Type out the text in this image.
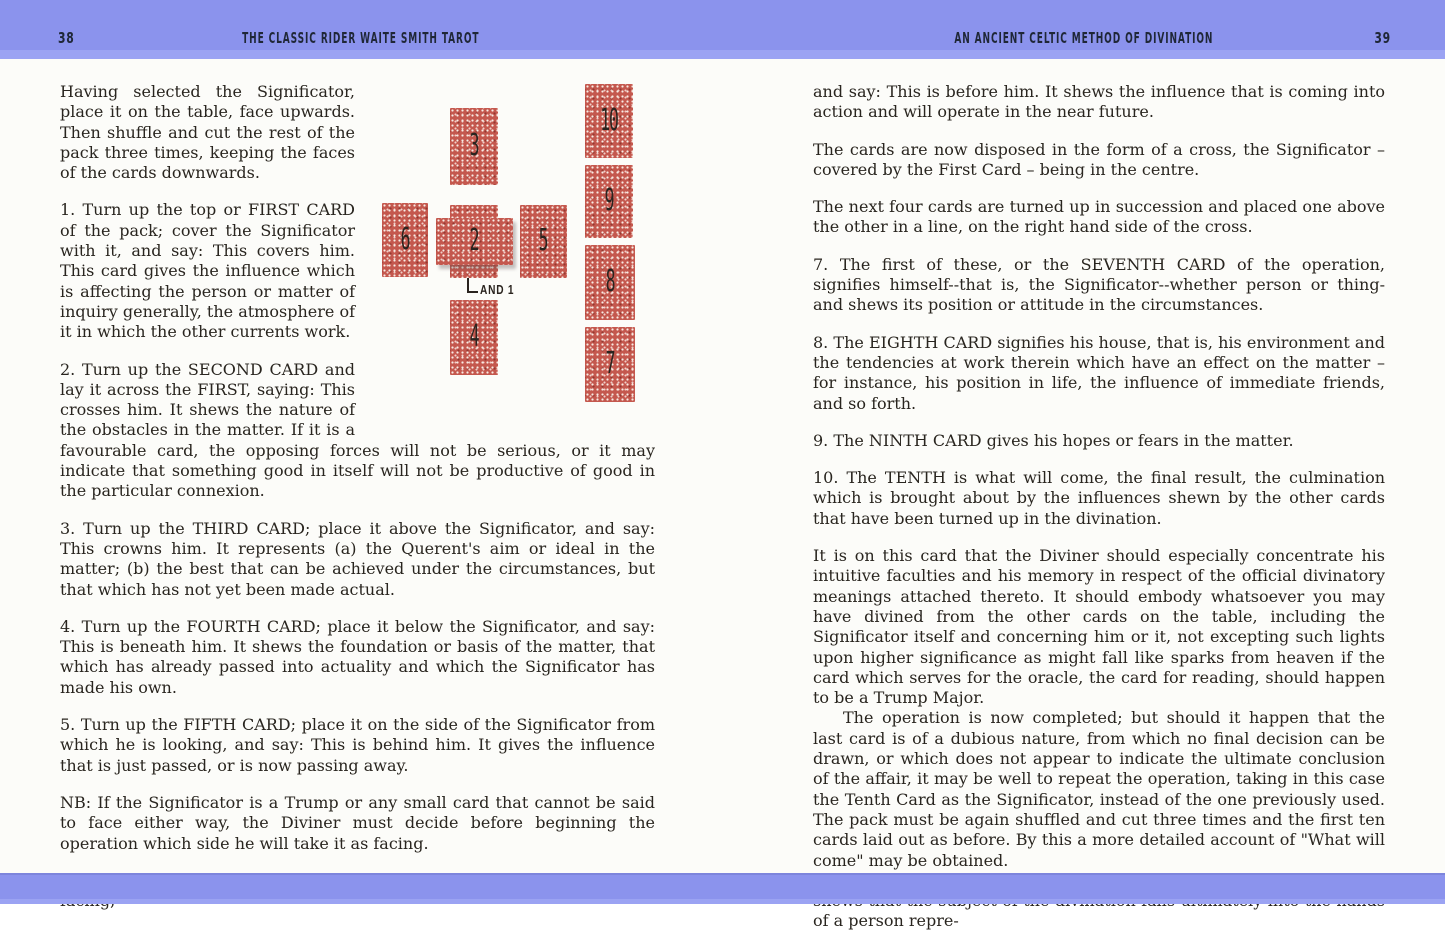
38	THE CLASSIC RIDER WAITE SMITH TAROT	AN ANCIENT CELTIC METHOD OF DIVINATION	39
3
10
6 2 5
9
8
7
4
AND 1

Having selected the Significator, place it on the table, face upwards. Then shuffle and cut the rest of the pack three times, keeping the faces of the cards downwards.

1. Turn up the top or FIRST CARD of the pack; cover the Significator with it, and say: This covers him. This card gives the influence which is affecting the person or matter of inquiry generally, the atmosphere of it in which the other currents work.

2. Turn up the SECOND CARD and lay it across the FIRST, saying: This crosses him. It shews the nature of the obstacles in the matter. If it is a favourable card, the opposing forces will not be serious, or it may indicate that something good in itself will not be productive of good in the particular connexion.

3. Turn up the THIRD CARD; place it above the Significator, and say: This crowns him. It represents (a) the Querent's aim or ideal in the matter; (b) the best that can be achieved under the circumstances, but that which has not yet been made actual.

4. Turn up the FOURTH CARD; place it below the Significator, and say: This is beneath him. It shews the foundation or basis of the matter, that which has already passed into actuality and which the Significator has made his own.

5. Turn up the FIFTH CARD; place it on the side of the Significator from which he is looking, and say: This is behind him. It gives the influence that is just passed, or is now passing away.

NB: If the Significator is a Trump or any small card that cannot be said to face either way, the Diviner must decide before beginning the operation which side he will take it as facing.

and say: This is before him. It shews the influence that is coming into action and will operate in the near future.

The cards are now disposed in the form of a cross, the Significator – covered by the First Card – being in the centre.

The next four cards are turned up in succession and placed one above the other in a line, on the right hand side of the cross.

7. The first of these, or the SEVENTH CARD of the operation, signifies himself--that is, the Significator--whether person or thing-and shews its position or attitude in the circumstances.

8. The EIGHTH CARD signifies his house, that is, his environment and the tendencies at work therein which have an effect on the matter – for instance, his position in life, the influence of immediate friends, and so forth.

9. The NINTH CARD gives his hopes or fears in the matter.

10. The TENTH is what will come, the final result, the culmination which is brought about by the influences shewn by the other cards that have been turned up in the divination.

It is on this card that the Diviner should especially concentrate his intuitive faculties and his memory in respect of the official divinatory meanings attached thereto. It should embody whatsoever you may have divined from the other cards on the table, including the Significator itself and concerning him or it, not excepting such lights upon higher significance as might fall like sparks from heaven if the card which serves for the oracle, the card for reading, should happen to be a Trump Major.

The operation is now completed; but should it happen that the last card is of a dubious nature, from which no final decision can be drawn, or which does not appear to indicate the ultimate conclusion of the affair, it may be well to repeat the operation, taking in this case the Tenth Card as the Significator, instead of the one previously used. The pack must be again shuffled and cut three times and the first ten cards laid out as before. By this a more detailed account of "What will come" may be obtained.

of a person repre-
